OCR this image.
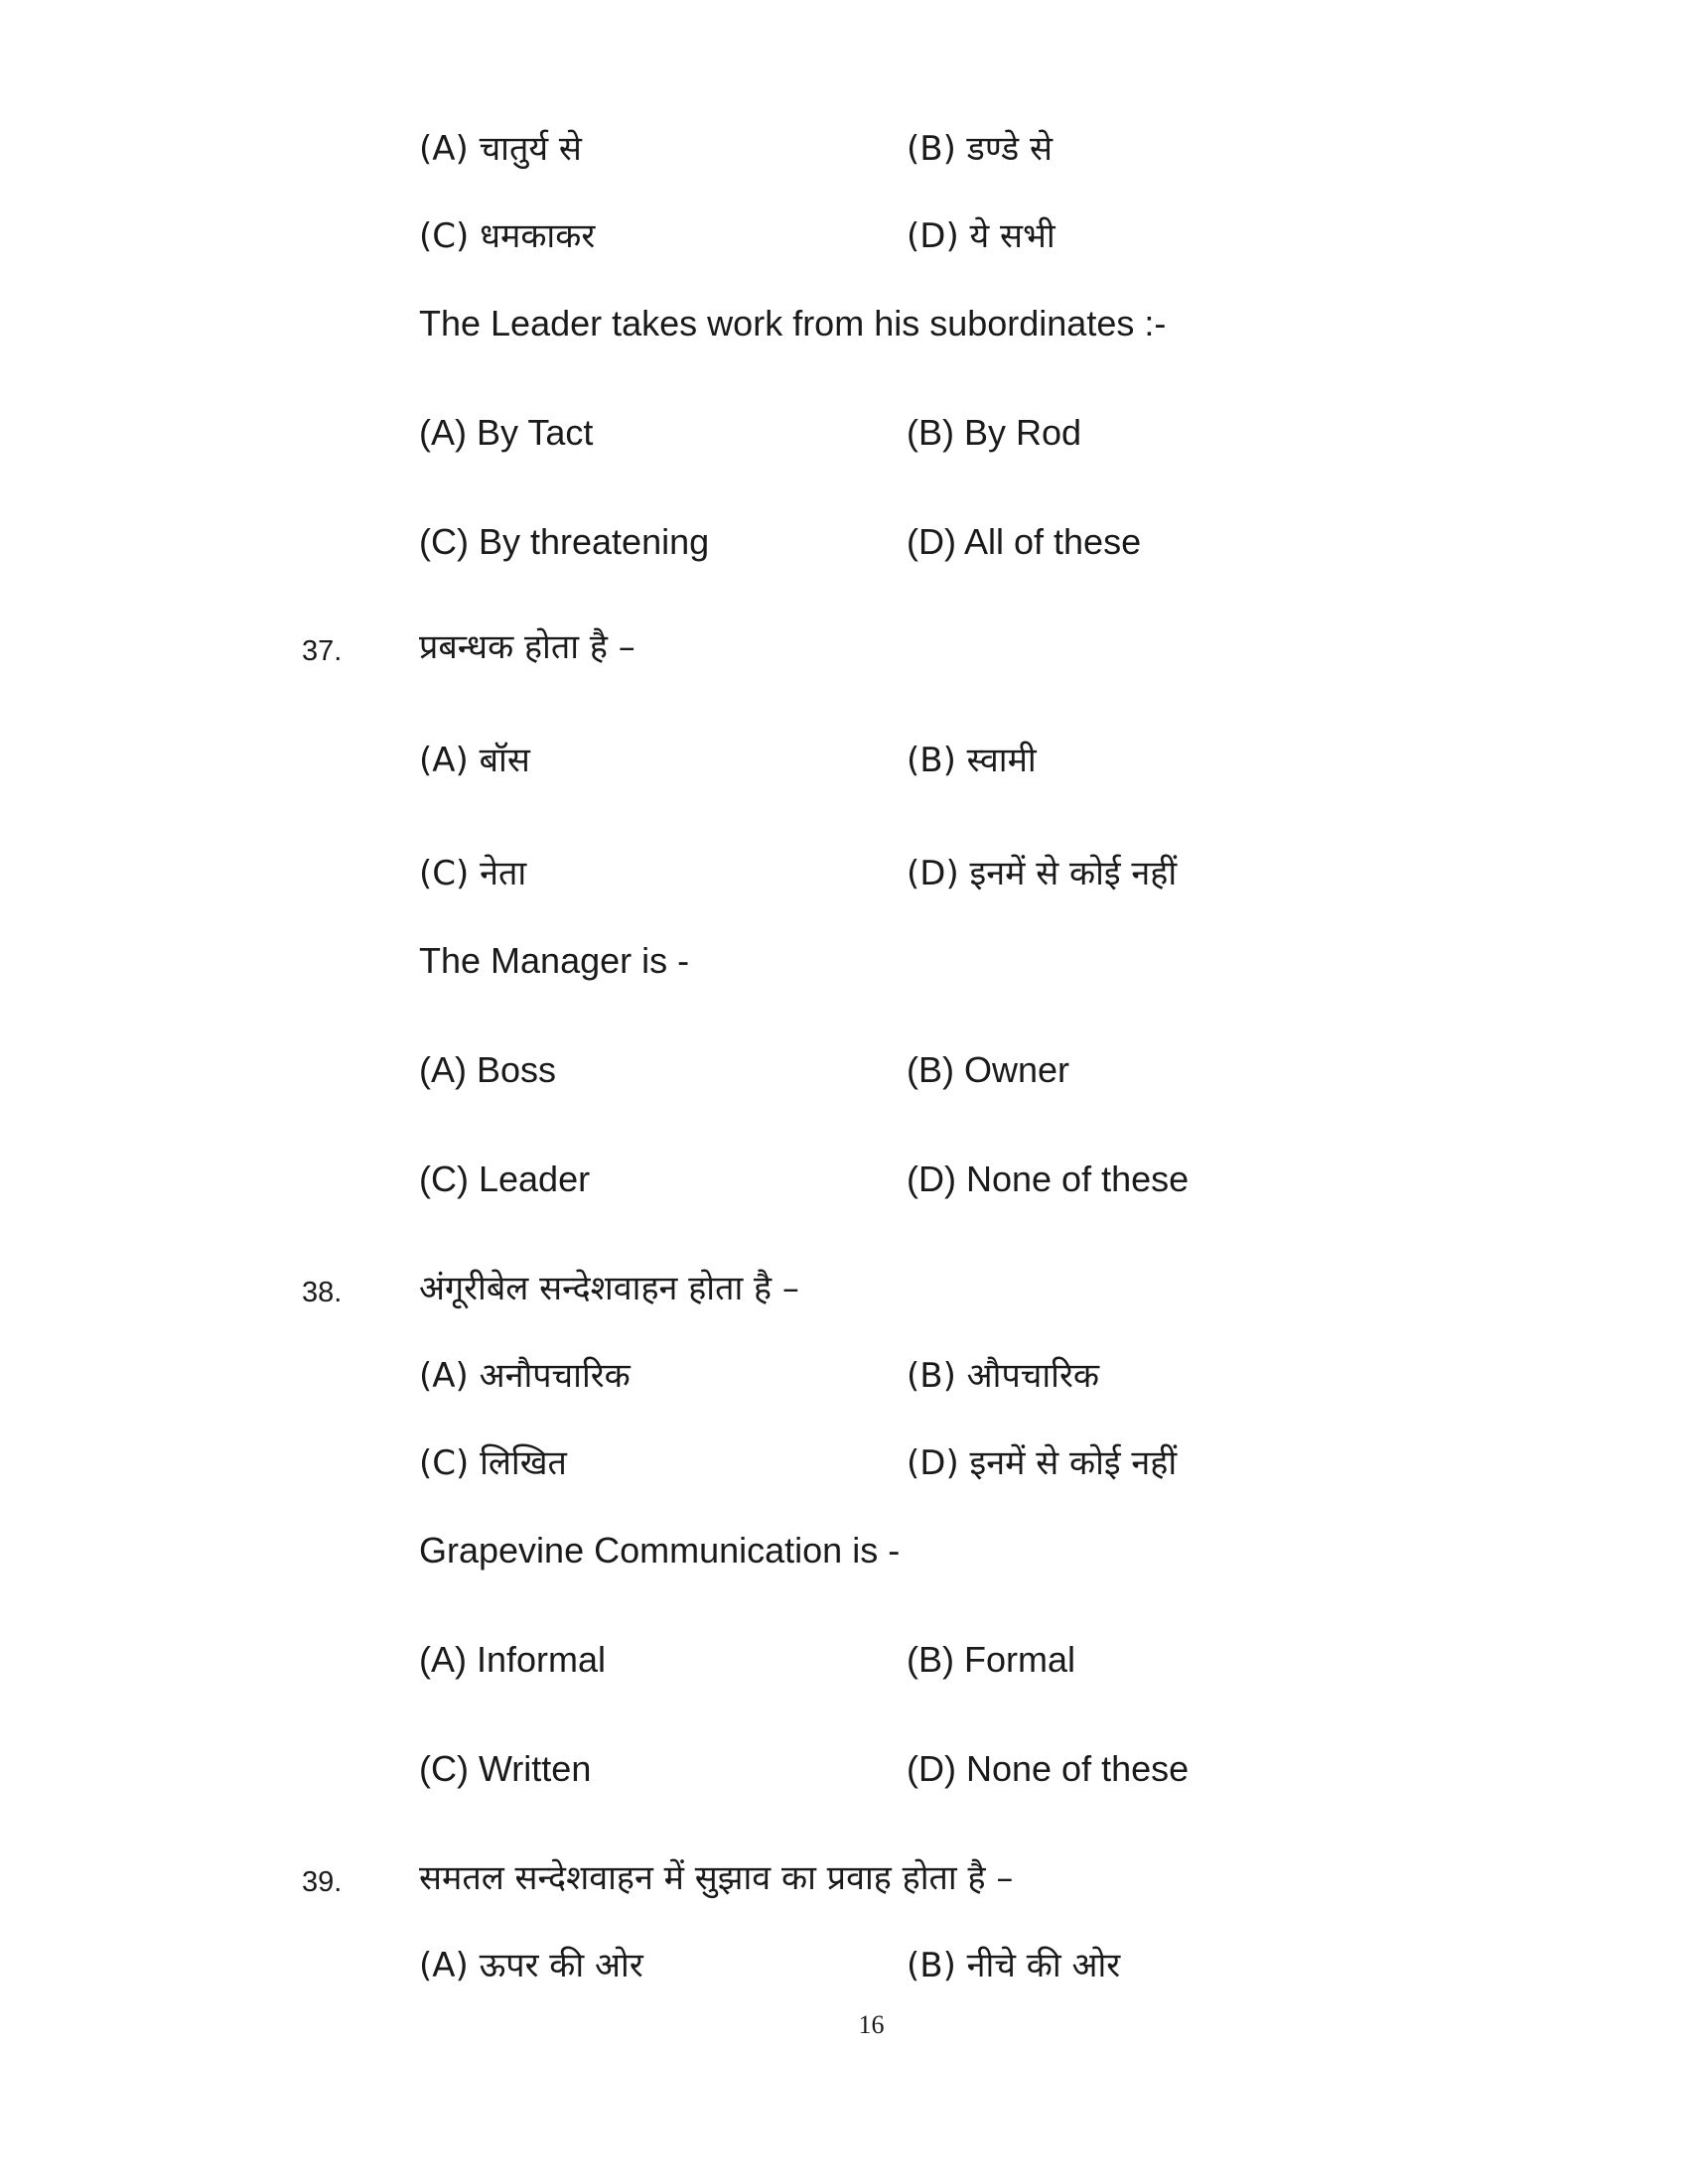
(A) चातुर्य से	(B) डण्डे से
(C) धमकाकर	(D) ये सभी
The Leader takes work from his subordinates :-
(A) By Tact	(B) By Rod
(C) By threatening	(D) All of these
37. प्रबन्धक होता है –
(A) बॉस	(B) स्वामी
(C) नेता	(D) इनमें से कोई नहीं
The Manager is -
(A) Boss	(B) Owner
(C) Leader	(D) None of these
38. अंगूरीबेल सन्देशवाहन होता है –
(A) अनौपचारिक	(B) औपचारिक
(C) लिखित	(D) इनमें से कोई नहीं
Grapevine Communication is -
(A) Informal	(B) Formal
(C) Written	(D) None of these
39. समतल सन्देशवाहन में सुझाव का प्रवाह होता है –
(A) ऊपर की ओर	(B) नीचे की ओर
16
